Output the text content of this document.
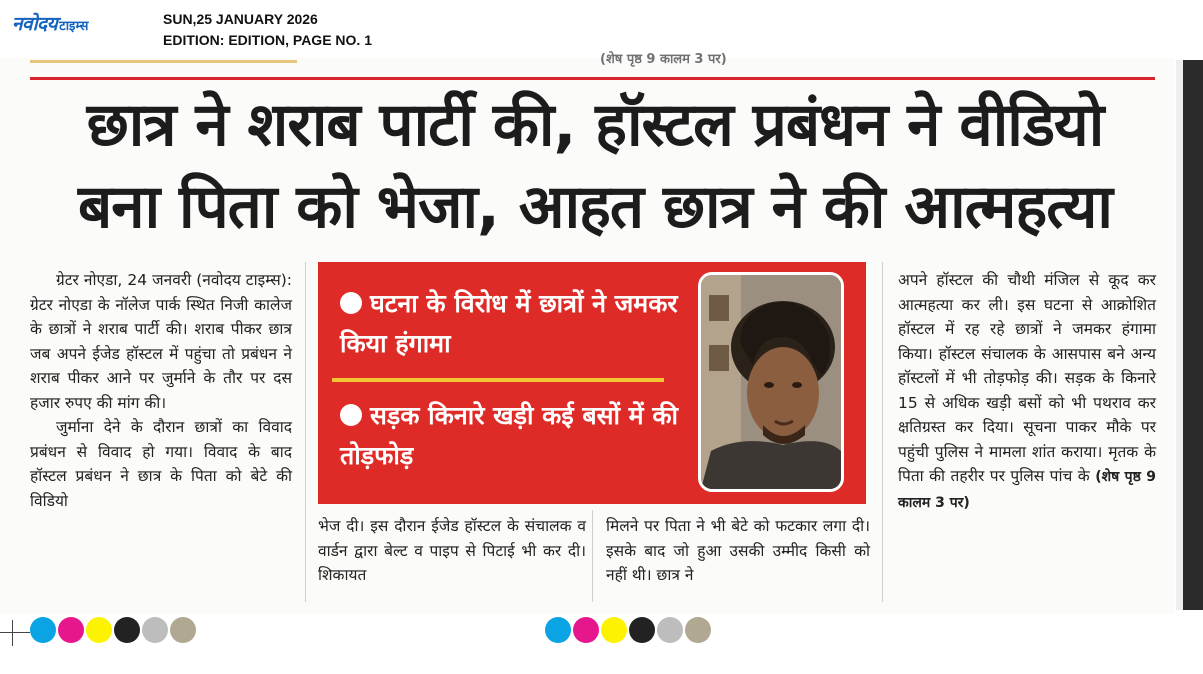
नवोदय टाइम्स	SUN,25 JANUARY 2026
EDITION: EDITION, PAGE NO. 1
(शेष पृष्ठ 9 कालम 3 पर)
छात्र ने शराब पार्टी की, हॉस्टल प्रबंधन ने वीडियो
बना पिता को भेजा, आहत छात्र ने की आत्महत्या

ग्रेटर नोएडा, 24 जनवरी (नवोदय टाइम्स): ग्रेटर नोएडा के नॉलेज पार्क स्थित निजी कालेज के छात्रों ने शराब पार्टी की। शराब पीकर छात्र जब अपने ईजेड हॉस्टल में पहुंचा तो प्रबंधन ने शराब पीकर आने पर जुर्माने के तौर पर दस हजार रुपए की मांग की।

जुर्माना देने के दौरान छात्रों का विवाद प्रबंधन से विवाद हो गया। विवाद के बाद हॉस्टल प्रबंधन ने छात्र के पिता को बेटे की विडियो

घटना के विरोध में छात्रों ने जमकर किया हंगामा
सड़क किनारे खड़ी कई बसों में की तोड़फोड़

भेज दी। इस दौरान ईजेड हॉस्टल के संचालक व वार्डन द्वारा बेल्ट व पाइप से पिटाई भी कर दी। शिकायत

मिलने पर पिता ने भी बेटे को फटकार लगा दी। इसके बाद जो हुआ उसकी उम्मीद किसी को नहीं थी। छात्र ने

अपने हॉस्टल की चौथी मंजिल से कूद कर आत्महत्या कर ली। इस घटना से आक्रोशित हॉस्टल में रह रहे छात्रों ने जमकर हंगामा किया। हॉस्टल संचालक के आसपास बने अन्य हॉस्टलों में भी तोड़फोड़ की। सड़क के किनारे 15 से अधिक खड़ी बसों को भी पथराव कर क्षतिग्रस्त कर दिया। सूचना पाकर मौके पर पहुंची पुलिस ने मामला शांत कराया। मृतक के पिता की तहरीर पर पुलिस पांच के (शेष पृष्ठ 9 कालम 3 पर)
